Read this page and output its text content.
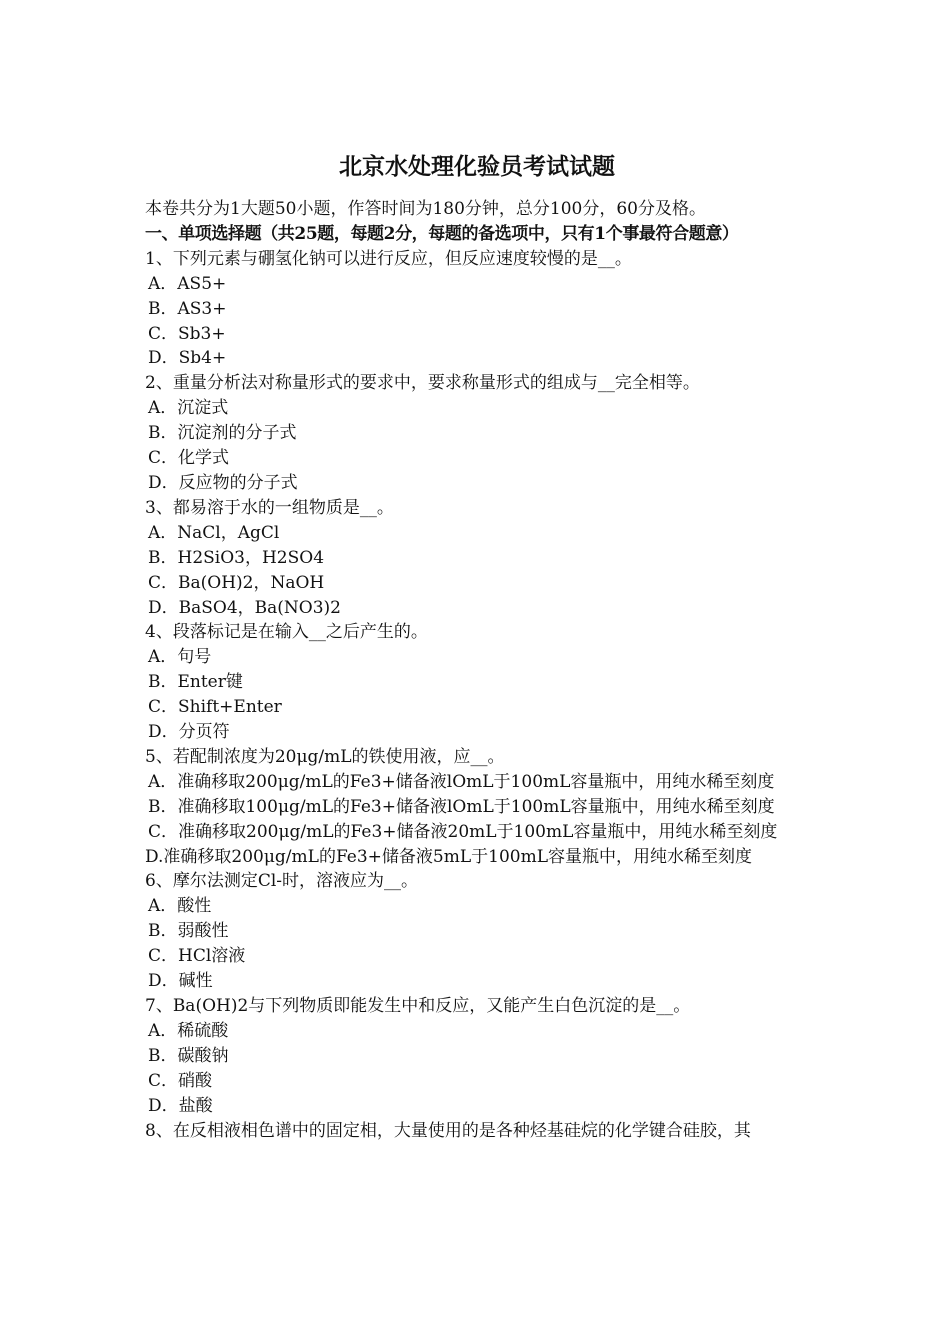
北京水处理化验员考试试题
本卷共分为1大题50小题，作答时间为180分钟，总分100分，60分及格。
一、单项选择题（共25题，每题2分，每题的备选项中，只有1个事最符合题意）
1、下列元素与硼氢化钠可以进行反应，但反应速度较慢的是__。
A．AS5+
B．AS3+
C．Sb3+
D．Sb4+
2、重量分析法对称量形式的要求中，要求称量形式的组成与__完全相等。
A．沉淀式
B．沉淀剂的分子式
C．化学式
D．反应物的分子式
3、都易溶于水的一组物质是__。
A．NaCl，AgCl
B．H2SiO3，H2SO4
C．Ba(OH)2，NaOH
D．BaSO4，Ba(NO3)2
4、段落标记是在输入__之后产生的。
A．句号
B．Enter键
C．Shift+Enter
D．分页符
5、若配制浓度为20μg/mL的铁使用液，应__。
A．准确移取200μg/mL的Fe3+储备液lOmL于100mL容量瓶中，用纯水稀至刻度
B．准确移取100μg/mL的Fe3+储备液lOmL于100mL容量瓶中，用纯水稀至刻度
C．准确移取200μg/mL的Fe3+储备液20mL于100mL容量瓶中，用纯水稀至刻度
D.准确移取200μg/mL的Fe3+储备液5mL于100mL容量瓶中，用纯水稀至刻度
6、摩尔法测定Cl-时，溶液应为__。
A．酸性
B．弱酸性
C．HCl溶液
D．碱性
7、Ba(OH)2与下列物质即能发生中和反应，又能产生白色沉淀的是__。
A．稀硫酸
B．碳酸钠
C．硝酸
D．盐酸
8、在反相液相色谱中的固定相，大量使用的是各种烃基硅烷的化学键合硅胶，其
